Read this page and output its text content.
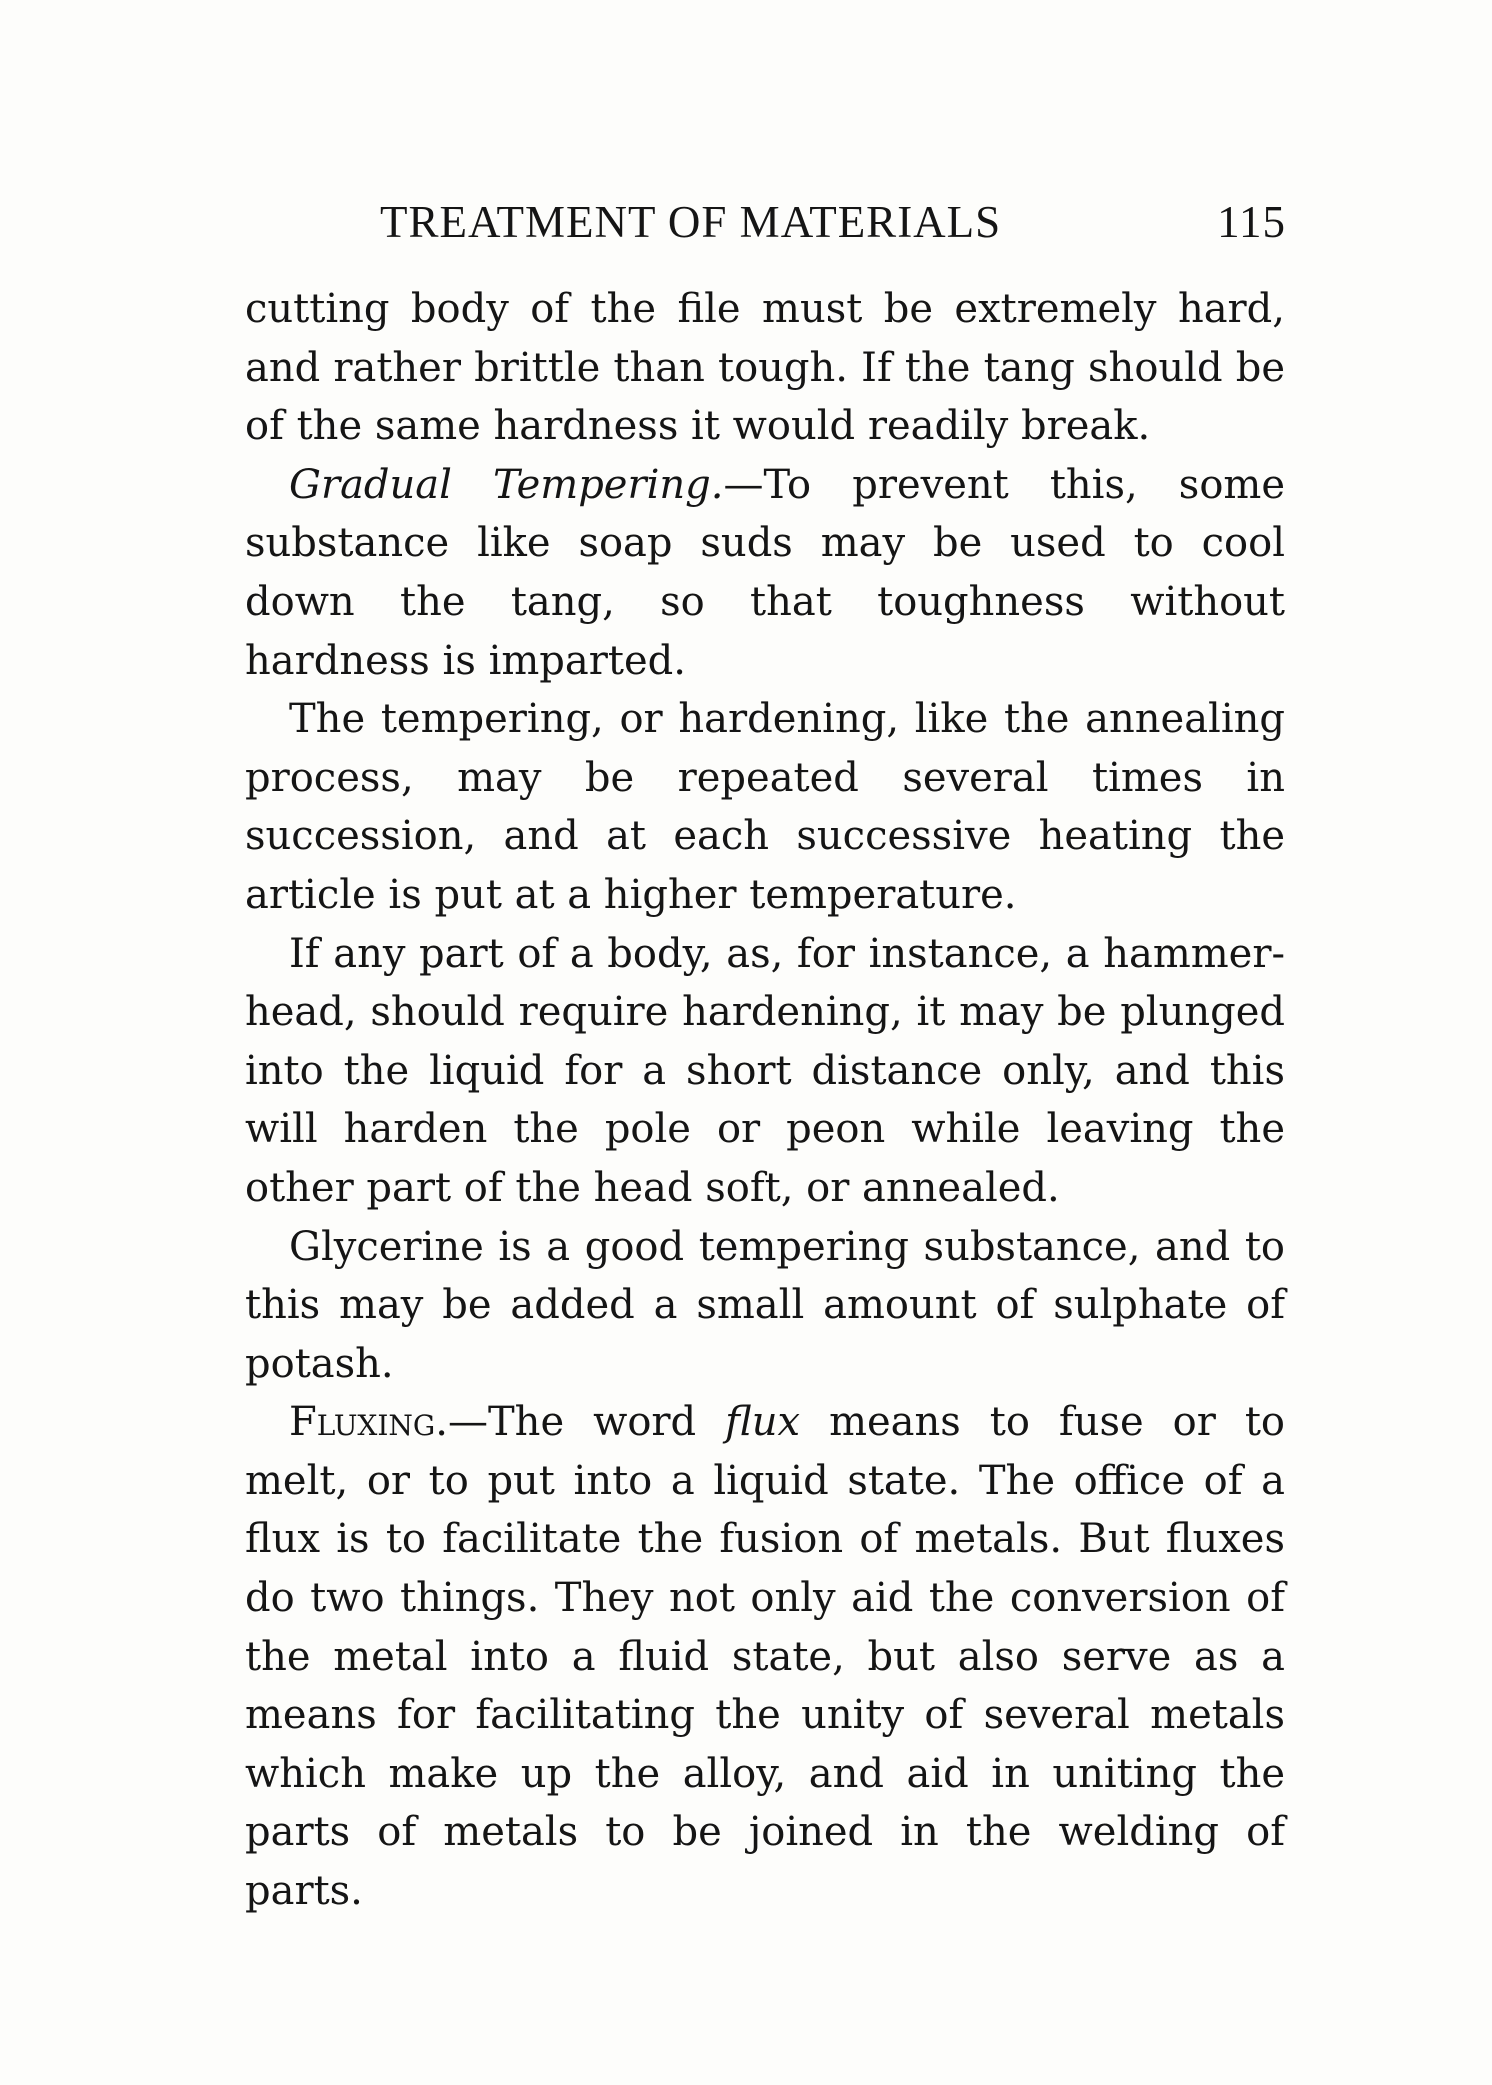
TREATMENT OF MATERIALS	115

cutting body of the file must be extremely hard, and rather brittle than tough. If the tang should be of the same hardness it would readily break.

Gradual Tempering.—To prevent this, some substance like soap suds may be used to cool down the tang, so that toughness without hardness is imparted.

The tempering, or hardening, like the annealing process, may be repeated several times in succession, and at each successive heating the article is put at a higher temperature.

If any part of a body, as, for instance, a hammer-head, should require hardening, it may be plunged into the liquid for a short distance only, and this will harden the pole or peon while leaving the other part of the head soft, or annealed.

Glycerine is a good tempering substance, and to this may be added a small amount of sulphate of potash.

Fluxing.—The word flux means to fuse or to melt, or to put into a liquid state. The office of a flux is to facilitate the fusion of metals. But fluxes do two things. They not only aid the conversion of the metal into a fluid state, but also serve as a means for facilitating the unity of several metals which make up the alloy, and aid in uniting the parts of metals to be joined in the welding of parts.
